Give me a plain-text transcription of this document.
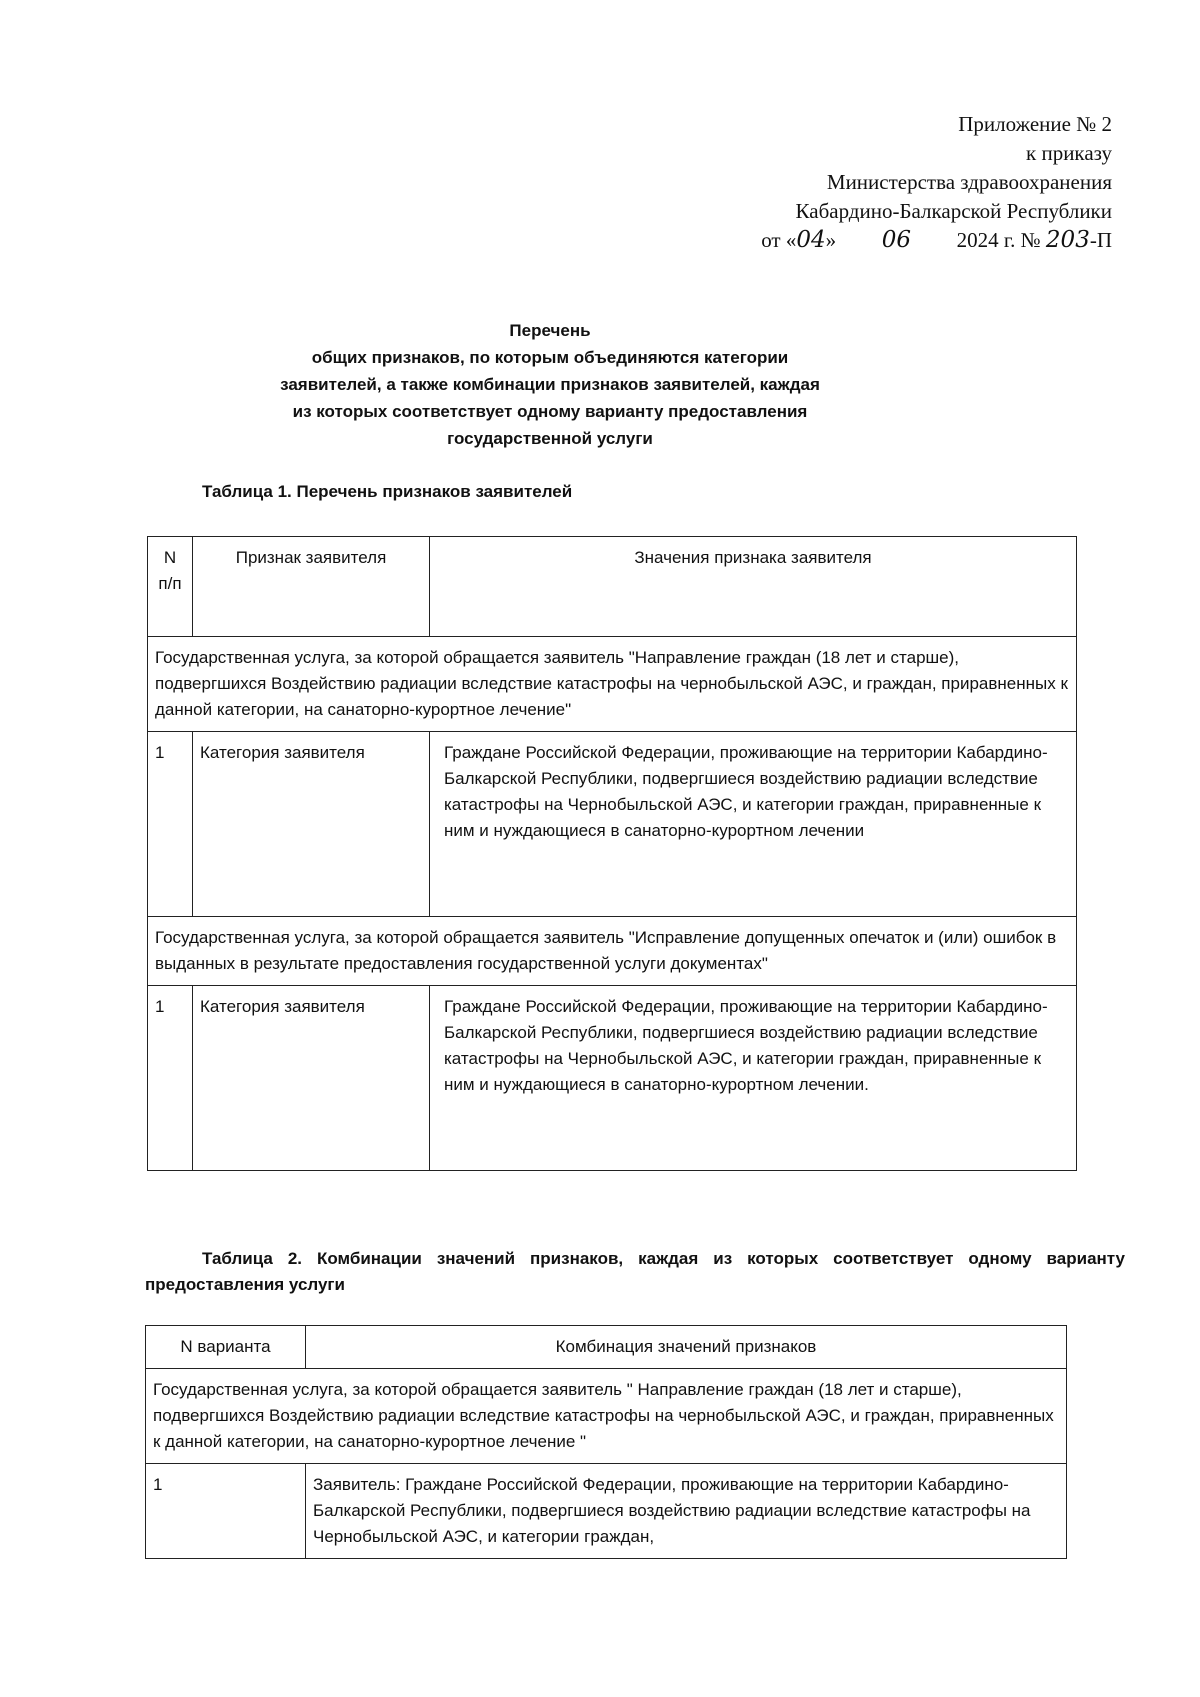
Приложение № 2
к приказу
Министерства здравоохранения
Кабардино-Балкарской Республики
от «04» 06 2024 г. № 203-П
Перечень
общих признаков, по которым объединяются категории
заявителей, а также комбинации признаков заявителей, каждая
из которых соответствует одному варианту предоставления
государственной услуги
Таблица 1. Перечень признаков заявителей
N п/п	Признак заявителя	Значения признака заявителя
Государственная услуга, за которой обращается заявитель "Направление граждан (18 лет и старше), подвергшихся Воздействию радиации вследствие катастрофы на чернобыльской АЭС, и граждан, приравненных к данной категории, на санаторно-курортное лечение"		
1	Категория заявителя	Граждане Российской Федерации, проживающие на территории Кабардино-Балкарской Республики, подвергшиеся воздействию радиации вследствие катастрофы на Чернобыльской АЭС, и категории граждан, приравненные к ним и нуждающиеся в санаторно-курортном лечении
Государственная услуга, за которой обращается заявитель "Исправление допущенных опечаток и (или) ошибок в выданных в результате предоставления государственной услуги документах"		
1	Категория заявителя	Граждане Российской Федерации, проживающие на территории Кабардино-Балкарской Республики, подвергшиеся воздействию радиации вследствие катастрофы на Чернобыльской АЭС, и категории граждан, приравненные к ним и нуждающиеся в санаторно-курортном лечении.
Таблица 2. Комбинации значений признаков, каждая из которых соответствует одному варианту предоставления услуги
N варианта	Комбинация значений признаков
Государственная услуга, за которой обращается заявитель " Направление граждан (18 лет и старше), подвергшихся Воздействию радиации вследствие катастрофы на чернобыльской АЭС, и граждан, приравненных к данной категории, на санаторно-курортное лечение "	
1	Заявитель: Граждане Российской Федерации, проживающие на территории Кабардино-Балкарской Республики, подвергшиеся воздействию радиации вследствие катастрофы на Чернобыльской АЭС, и категории граждан,
